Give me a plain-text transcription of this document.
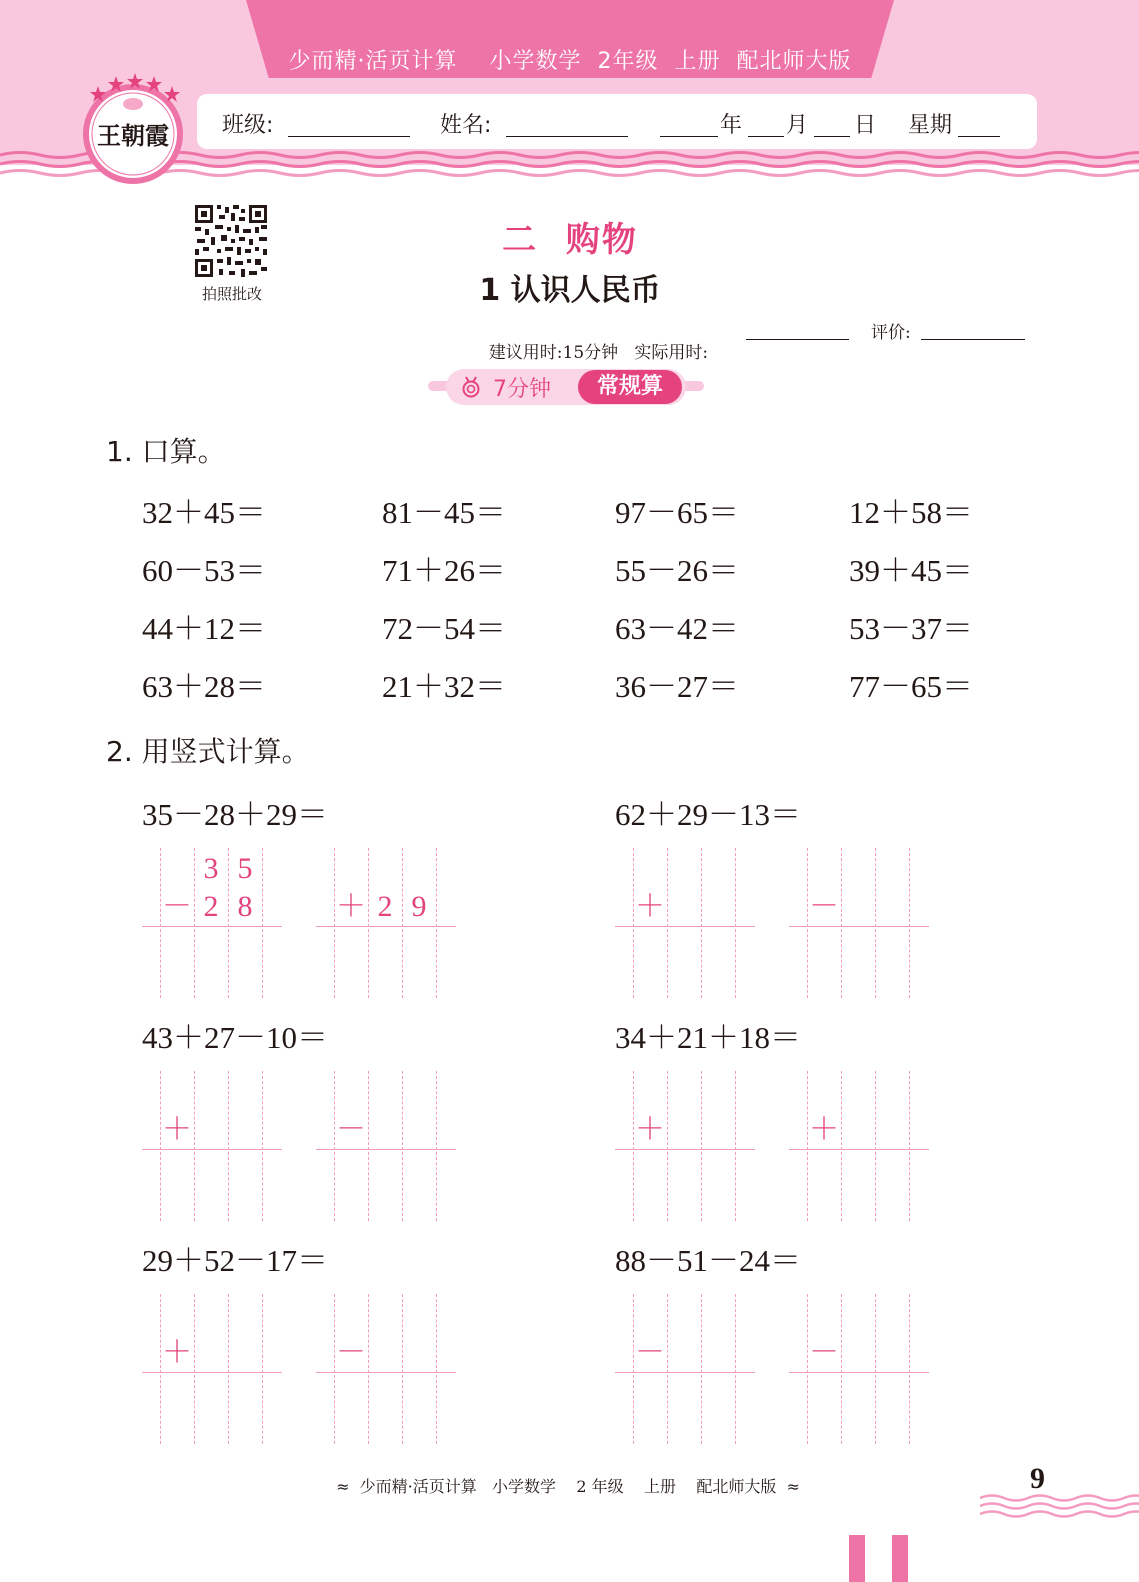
少而精·活页计算    小学数学  2年级  上册  配北师大版
班级:	姓名:	年 月 日 星期
王朝霞
拍照批改
二  购物
1 认识人民币

建议用时:15分钟 实际用时:

评价:
7分钟	常规算
1. 口算。
32＋45＝	81－45＝	97－65＝	12＋58＝
60－53＝	71＋26＝	55－26＝	39＋45＝
44＋12＝	72－54＝	63－42＝	53－37＝
63＋28＝	21＋32＝	36－27＝	77－65＝
2. 用竖式计算。
35－28＋29＝
3 5
－ 2 8	＋ 2 9
62＋29－13＝
＋	－
43＋27－10＝
＋	－
34＋21＋18＝
＋	＋
29＋52－17＝
＋	－
88－51－24＝
－	－
≈  少而精·活页计算   小学数学    2 年级    上册    配北师大版  ≈	9
